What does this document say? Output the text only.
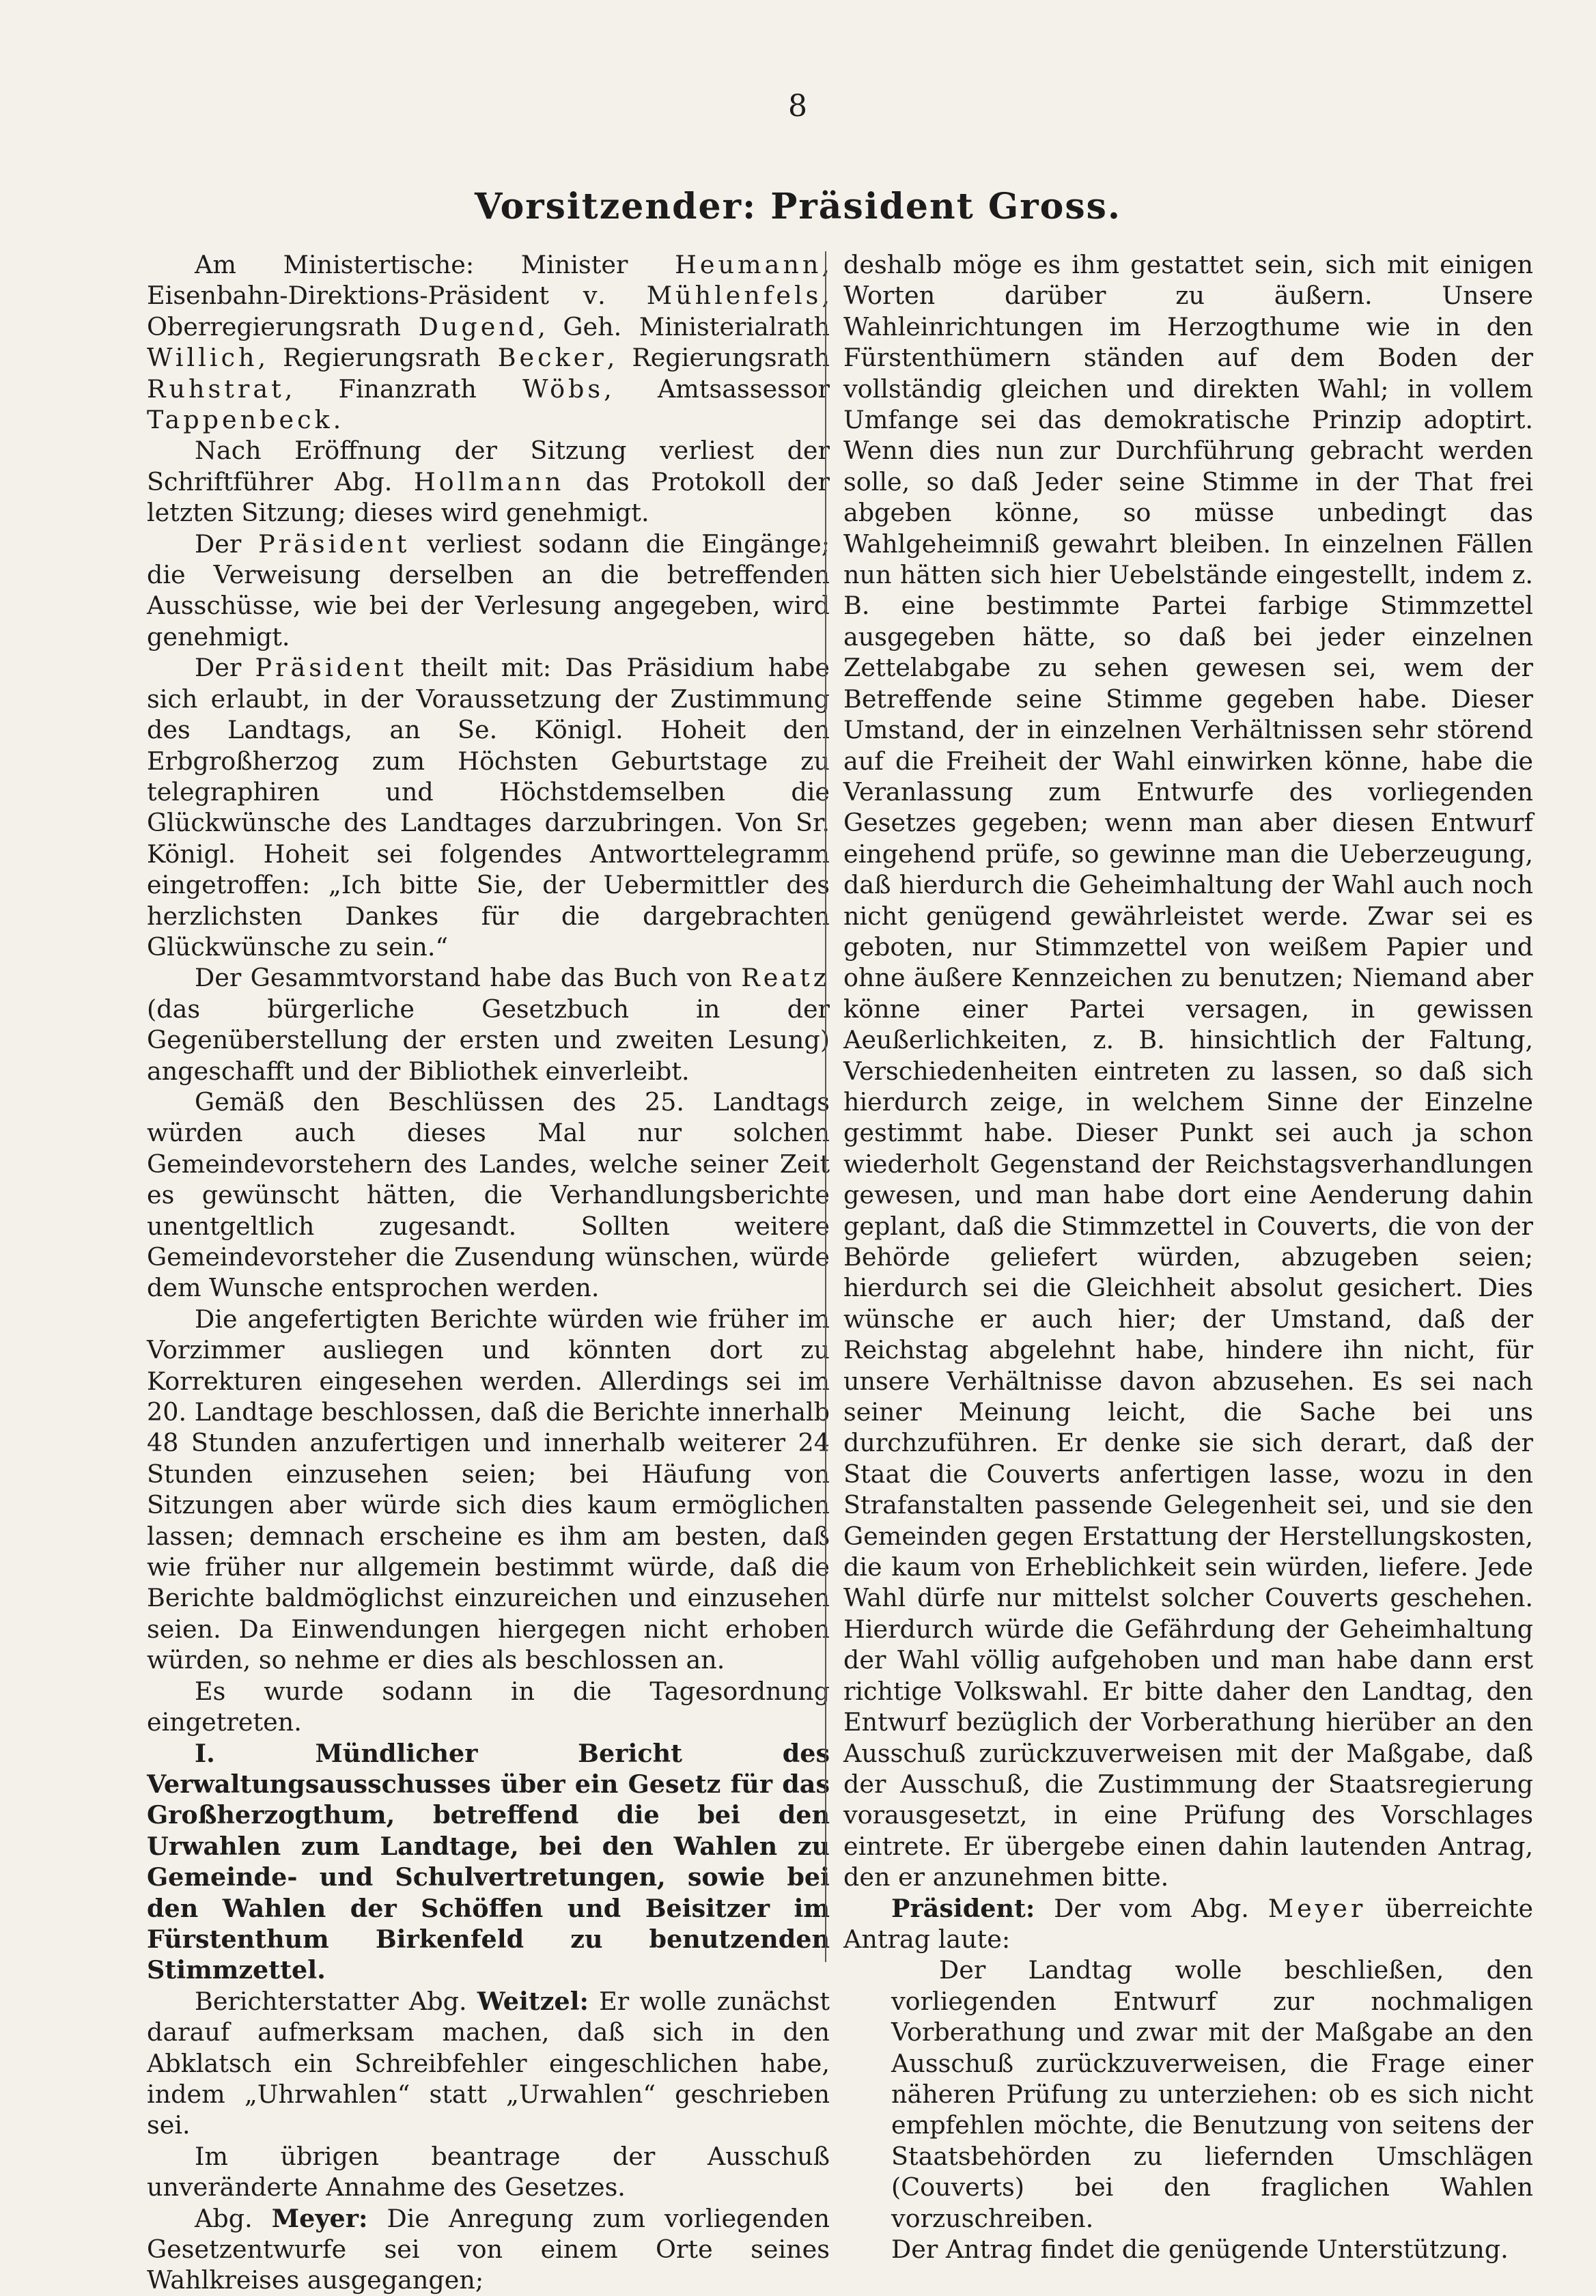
8
Vorsitzender: Präsident Gross.

Am Ministertische: Minister Heumann, Eisenbahn-Direktions-Präsident v. Mühlenfels, Oberregierungsrath Dugend, Geh. Ministerialrath Willich, Regierungsrath Becker, Regierungsrath Ruhstrat, Finanzrath Wöbs, Amtsassessor Tappenbeck.

Nach Eröffnung der Sitzung verliest der Schriftführer Abg. Hollmann das Protokoll der letzten Sitzung; dieses wird genehmigt.

Der Präsident verliest sodann die Eingänge; die Verweisung derselben an die betreffenden Ausschüsse, wie bei der Verlesung angegeben, wird genehmigt.

Der Präsident theilt mit: Das Präsidium habe sich erlaubt, in der Voraussetzung der Zustimmung des Landtags, an Se. Königl. Hoheit den Erbgroßherzog zum Höchsten Geburtstage zu telegraphiren und Höchstdemselben die Glückwünsche des Landtages darzubringen. Von Sr. Königl. Hoheit sei folgendes Antworttelegramm eingetroffen: „Ich bitte Sie, der Uebermittler des herzlichsten Dankes für die dargebrachten Glückwünsche zu sein.“

Der Gesammtvorstand habe das Buch von Reatz (das bürgerliche Gesetzbuch in der Gegenüberstellung der ersten und zweiten Lesung) angeschafft und der Bibliothek einverleibt.

Gemäß den Beschlüssen des 25. Landtags würden auch dieses Mal nur solchen Gemeindevorstehern des Landes, welche seiner Zeit es gewünscht hätten, die Verhandlungsberichte unentgeltlich zugesandt. Sollten weitere Gemeindevorsteher die Zusendung wünschen, würde dem Wunsche entsprochen werden.

Die angefertigten Berichte würden wie früher im Vorzimmer ausliegen und könnten dort zu Korrekturen eingesehen werden. Allerdings sei im 20. Landtage beschlossen, daß die Berichte innerhalb 48 Stunden anzufertigen und innerhalb weiterer 24 Stunden einzusehen seien; bei Häufung von Sitzungen aber würde sich dies kaum ermöglichen lassen; demnach erscheine es ihm am besten, daß wie früher nur allgemein bestimmt würde, daß die Berichte baldmöglichst einzureichen und einzusehen seien. Da Einwendungen hiergegen nicht erhoben würden, so nehme er dies als beschlossen an.

Es wurde sodann in die Tagesordnung eingetreten.

I. Mündlicher Bericht des Verwaltungsausschusses über ein Gesetz für das Großherzogthum, betreffend die bei den Urwahlen zum Landtage, bei den Wahlen zu Gemeinde- und Schulvertretungen, sowie bei den Wahlen der Schöffen und Beisitzer im Fürstenthum Birkenfeld zu benutzenden Stimmzettel.

Berichterstatter Abg. Weitzel: Er wolle zunächst darauf aufmerksam machen, daß sich in den Abklatsch ein Schreibfehler eingeschlichen habe, indem „Uhrwahlen“ statt „Urwahlen“ geschrieben sei.

Im übrigen beantrage der Ausschuß unveränderte Annahme des Gesetzes.

Abg. Meyer: Die Anregung zum vorliegenden Gesetzentwurfe sei von einem Orte seines Wahlkreises ausgegangen;

deshalb möge es ihm gestattet sein, sich mit einigen Worten darüber zu äußern. Unsere Wahleinrichtungen im Herzogthume wie in den Fürstenthümern ständen auf dem Boden der vollständig gleichen und direkten Wahl; in vollem Umfange sei das demokratische Prinzip adoptirt. Wenn dies nun zur Durchführung gebracht werden solle, so daß Jeder seine Stimme in der That frei abgeben könne, so müsse unbedingt das Wahlgeheimniß gewahrt bleiben. In einzelnen Fällen nun hätten sich hier Uebelstände eingestellt, indem z. B. eine bestimmte Partei farbige Stimmzettel ausgegeben hätte, so daß bei jeder einzelnen Zettelabgabe zu sehen gewesen sei, wem der Betreffende seine Stimme gegeben habe. Dieser Umstand, der in einzelnen Verhältnissen sehr störend auf die Freiheit der Wahl einwirken könne, habe die Veranlassung zum Entwurfe des vorliegenden Gesetzes gegeben; wenn man aber diesen Entwurf eingehend prüfe, so gewinne man die Ueberzeugung, daß hierdurch die Geheimhaltung der Wahl auch noch nicht genügend gewährleistet werde. Zwar sei es geboten, nur Stimmzettel von weißem Papier und ohne äußere Kennzeichen zu benutzen; Niemand aber könne einer Partei versagen, in gewissen Aeußerlichkeiten, z. B. hinsichtlich der Faltung, Verschiedenheiten eintreten zu lassen, so daß sich hierdurch zeige, in welchem Sinne der Einzelne gestimmt habe. Dieser Punkt sei auch ja schon wiederholt Gegenstand der Reichstagsverhandlungen gewesen, und man habe dort eine Aenderung dahin geplant, daß die Stimmzettel in Couverts, die von der Behörde geliefert würden, abzugeben seien; hierdurch sei die Gleichheit absolut gesichert. Dies wünsche er auch hier; der Umstand, daß der Reichstag abgelehnt habe, hindere ihn nicht, für unsere Verhältnisse davon abzusehen. Es sei nach seiner Meinung leicht, die Sache bei uns durchzuführen. Er denke sie sich derart, daß der Staat die Couverts anfertigen lasse, wozu in den Strafanstalten passende Gelegenheit sei, und sie den Gemeinden gegen Erstattung der Herstellungskosten, die kaum von Erheblichkeit sein würden, liefere. Jede Wahl dürfe nur mittelst solcher Couverts geschehen. Hierdurch würde die Gefährdung der Geheimhaltung der Wahl völlig aufgehoben und man habe dann erst richtige Volkswahl. Er bitte daher den Landtag, den Entwurf bezüglich der Vorberathung hierüber an den Ausschuß zurückzuverweisen mit der Maßgabe, daß der Ausschuß, die Zustimmung der Staatsregierung vorausgesetzt, in eine Prüfung des Vorschlages eintrete. Er übergebe einen dahin lautenden Antrag, den er anzunehmen bitte.

Präsident: Der vom Abg. Meyer überreichte Antrag laute:

Der Landtag wolle beschließen, den vorliegenden Entwurf zur nochmaligen Vorberathung und zwar mit der Maßgabe an den Ausschuß zurückzuverweisen, die Frage einer näheren Prüfung zu unterziehen: ob es sich nicht empfehlen möchte, die Benutzung von seitens der Staatsbehörden zu liefernden Umschlägen (Couverts) bei den fraglichen Wahlen vorzuschreiben.

Der Antrag findet die genügende Unterstützung.
